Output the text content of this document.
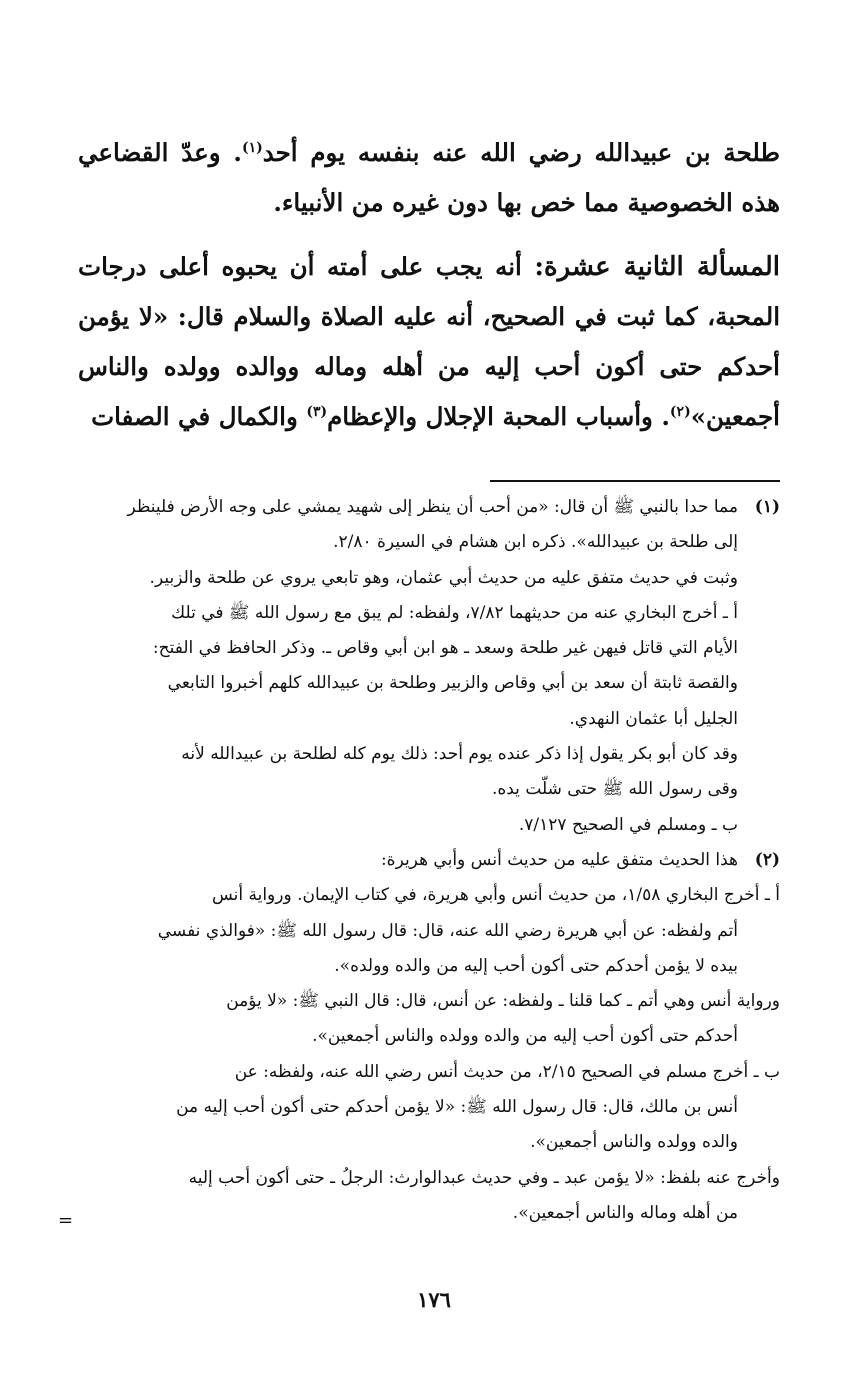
طلحة بن عبيدالله رضي الله عنه بنفسه يوم أحد$^{(١)}$. وعدّ القضاعي هذه الخصوصية مما خص بها دون غيره من الأنبياء.

المسألة الثانية عشرة: أنه يجب على أمته أن يحبوه أعلى درجات المحبة، كما ثبت في الصحيح، أنه عليه الصلاة والسلام قال: «لا يؤمن أحدكم حتى أكون أحب إليه من أهله وماله ووالده وولده والناس أجمعين»$^{(٢)}$. وأسباب المحبة الإجلال والإعظام$^{(٣)}$ والكمال في الصفات

(١)
مما حدا بالنبي ﷺ أن قال: «من أحب أن ينظر إلى شهيد يمشي على وجه الأرض فلينظر

إلى طلحة بن عبيدالله». ذكره ابن هشام في السيرة ٢/٨٠.

وثبت في حديث متفق عليه من حديث أبي عثمان، وهو تابعي يروي عن طلحة والزبير.

أ ـ أخرج البخاري عنه من حديثهما ٧/٨٢، ولفظه: لم يبق مع رسول الله ﷺ في تلك

الأيام التي قاتل فيهن غير طلحة وسعد ـ هو ابن أبي وقاص ـ. وذكر الحافظ في الفتح:

والقصة ثابتة أن سعد بن أبي وقاص والزبير وطلحة بن عبيدالله كلهم أخبروا التابعي

الجليل أبا عثمان النهدي.

وقد كان أبو بكر يقول إذا ذكر عنده يوم أحد: ذلك يوم كله لطلحة بن عبيدالله لأنه

وقى رسول الله ﷺ حتى شلّت يده.

ب ـ ومسلم في الصحيح ٧/١٢٧.

(٢)
هذا الحديث متفق عليه من حديث أنس وأبي هريرة:

أ ـ أخرج البخاري ١/٥٨، من حديث أنس وأبي هريرة، في كتاب الإيمان. ورواية أنس

أتم ولفظه: عن أبي هريرة رضي الله عنه، قال: قال رسول الله ﷺ: «فوالذي نفسي

بيده لا يؤمن أحدكم حتى أكون أحب إليه من والده وولده».

ورواية أنس وهي أتم ـ كما قلنا ـ ولفظه: عن أنس، قال: قال النبي ﷺ: «لا يؤمن

أحدكم حتى أكون أحب إليه من والده وولده والناس أجمعين».

ب ـ أخرج مسلم في الصحيح ٢/١٥، من حديث أنس رضي الله عنه، ولفظه: عن

أنس بن مالك، قال: قال رسول الله ﷺ: «لا يؤمن أحدكم حتى أكون أحب إليه من

والده وولده والناس أجمعين».

وأخرج عنه بلفظ: «لا يؤمن عبد ـ وفي حديث عبدالوارث: الرجلُ ـ حتى أكون أحب إليه

من أهله وماله والناس أجمعين».

=
١٧٦
